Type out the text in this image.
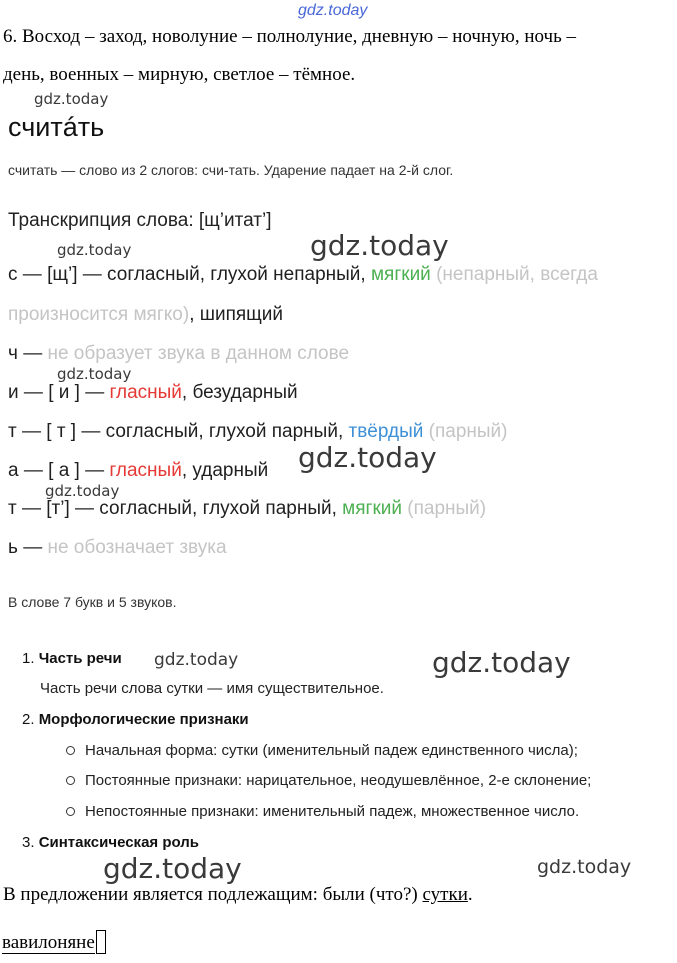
gdz.today
6. Восход – заход, новолуние – полнолуние, дневную – ночную, ночь –
день, военных – мирную, светлое – тёмное.
gdz.today
считáть
считать — слово из 2 слогов: счи-тать. Ударение падает на 2-й слог.
Транскрипция слова: [щ’итат’]
gdz.today	gdz.today
с — [щ’] — согласный, глухой непарный, мягкий (непарный, всегда
произносится мягко), шипящий
ч — не образует звука в данном слове
gdz.today
и — [ и ] — гласный, безударный
т — [ т ] — согласный, глухой парный, твёрдый (парный)
а — [ а ] — гласный, ударный gdz.today
gdz.today
т — [т’] — согласный, глухой парный, мягкий (парный)
ь — не обозначает звука
В слове 7 букв и 5 звуков.
1. Часть речи gdz.today	gdz.today
Часть речи слова сутки — имя существительное.
2. Морфологические признаки
Начальная форма: сутки (именительный падеж единственного числа);
Постоянные признаки: нарицательное, неодушевлённое, 2-е склонение;
Непостоянные признаки: именительный падеж, множественное число.
3. Синтаксическая роль
gdz.today	gdz.today
В предложении является подлежащим: были (что?) сутки.
вавилоняне
